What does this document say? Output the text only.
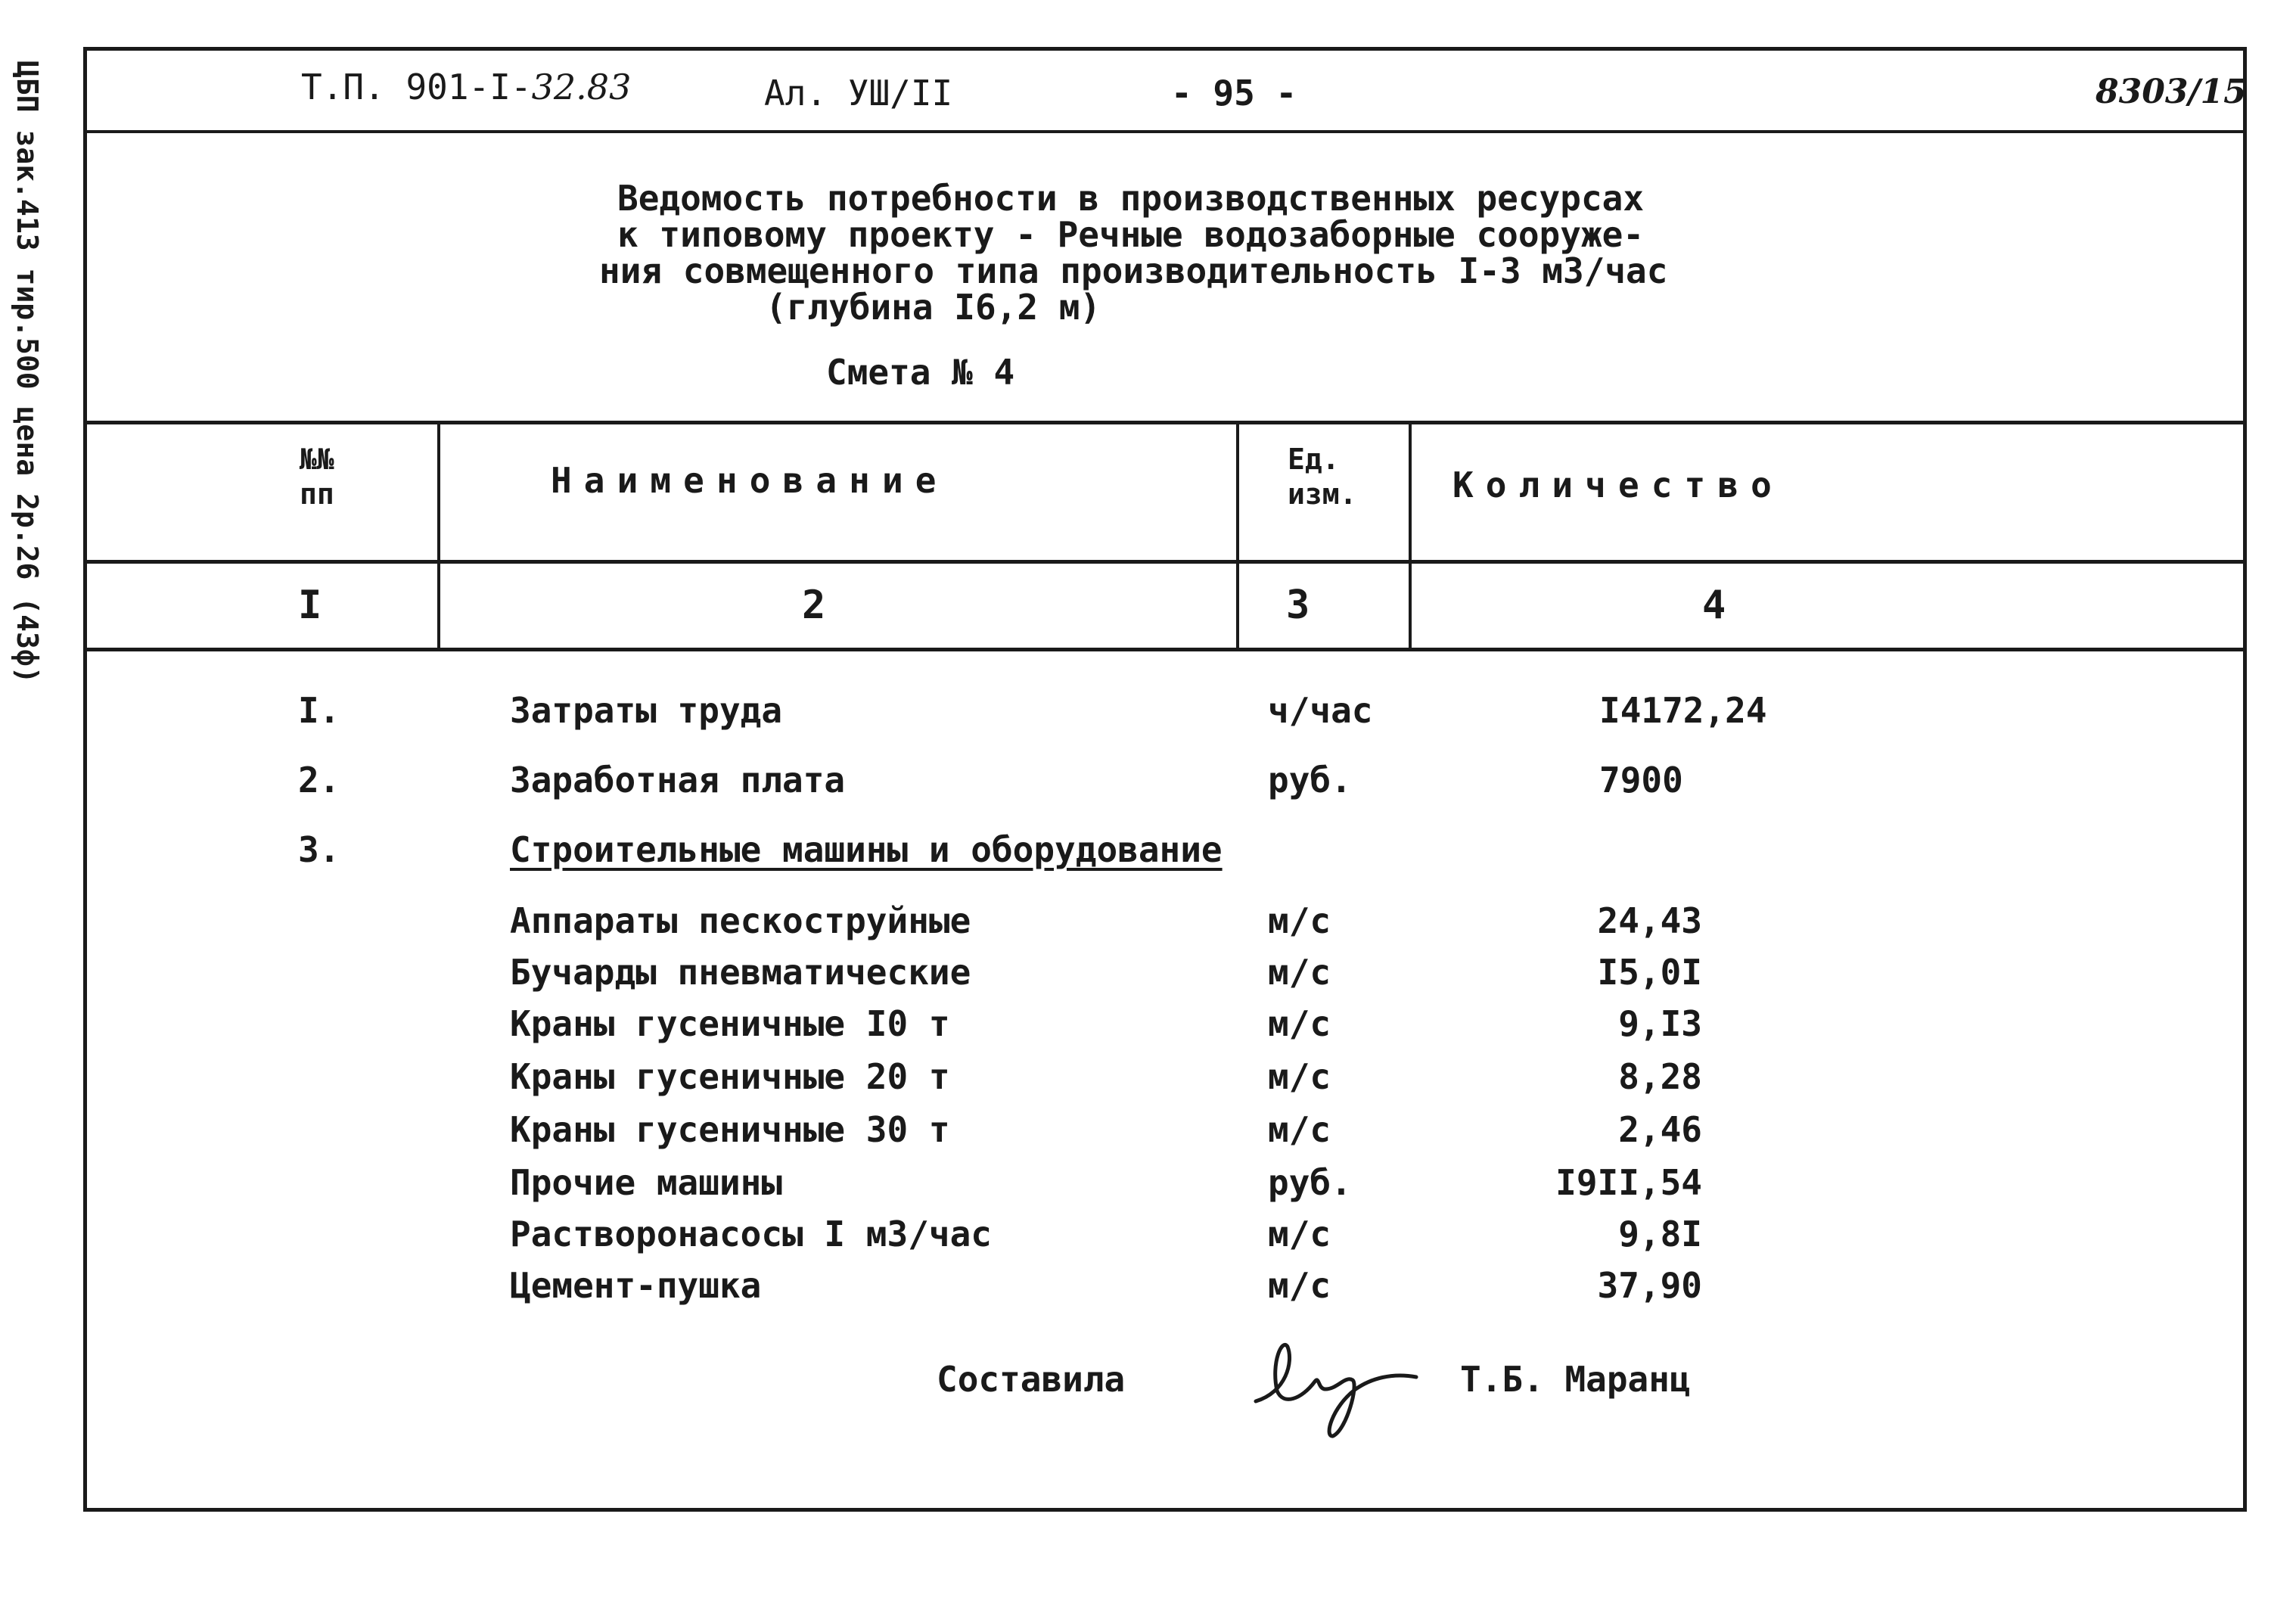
ЦБП зак.413 тир.500 цена 2р.26 (43ф)	Т.П. 901-I-32.83	Ал. УШ/II	- 95 -	8303/15
Ведомость потребности в производственных ресурсах
к типовому проекту - Речные водозаборные сооруже-
ния совмещенного типа производительность I-3 м3/час
(глубина I6,2 м)
Смета № 4
№№
пп	Наименование
Ед.
изм.	Количество
I	2	3	4
I.	Затраты труда	ч/час	I4172,24
2.	Заработная плата	руб.	7900
3.	Строительные машины и оборудование
Аппараты пескоструйные	м/с	24,43
Бучарды пневматические	м/с	I5,0I
Краны гусеничные I0 т	м/с	9,I3
Краны гусеничные 20 т	м/с	8,28
Краны гусеничные 30 т	м/с	2,46
Прочие машины	руб.	I9II,54
Растворонасосы I м3/час	м/с	9,8I
Цемент-пушка	м/с	37,90
Составила	Т.Б. Маранц
